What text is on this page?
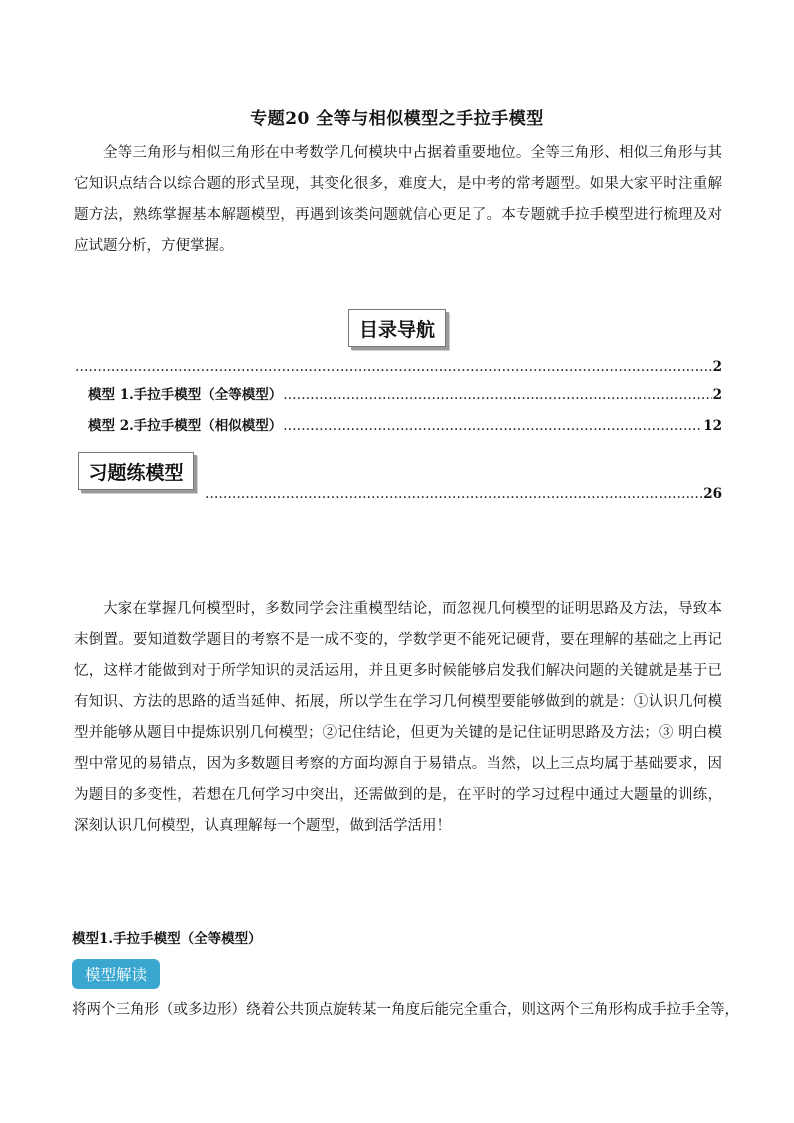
专题20 全等与相似模型之手拉手模型

全等三角形与相似三角形在中考数学几何模块中占据着重要地位。全等三角形、相似三角形与其它知识点结合以综合题的形式呈现，其变化很多，难度大，是中考的常考题型。如果大家平时注重解题方法，熟练掌握基本解题模型，再遇到该类问题就信心更足了。本专题就手拉手模型进行梳理及对应试题分析，方便掌握。

目录导航
.....
2
模型 1.手拉手模型（全等模型） .....	2
模型 2.手拉手模型（相似模型） .....	12
习题练模型
.....
26

大家在掌握几何模型时，多数同学会注重模型结论，而忽视几何模型的证明思路及方法，导致本末倒置。要知道数学题目的考察不是一成不变的，学数学更不能死记硬背，要在理解的基础之上再记忆，这样才能做到对于所学知识的灵活运用，并且更多时候能够启发我们解决问题的关键就是基于已有知识、方法的思路的适当延伸、拓展，所以学生在学习几何模型要能够做到的就是：①认识几何模型并能够从题目中提炼识别几何模型；②记住结论，但更为关键的是记住证明思路及方法；③ 明白模型中常见的易错点，因为多数题目考察的方面均源自于易错点。当然，以上三点均属于基础要求，因为题目的多变性，若想在几何学习中突出，还需做到的是，在平时的学习过程中通过大题量的训练，深刻认识几何模型，认真理解每一个题型，做到活学活用！

模型1.手拉手模型（全等模型）
模型解读

将两个三角形（或多边形）绕着公共顶点旋转某一角度后能完全重合，则这两个三角形构成手拉手全等，
